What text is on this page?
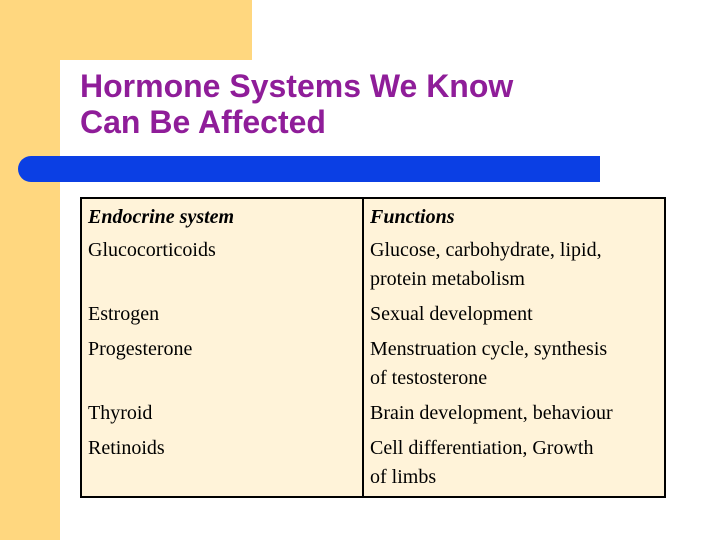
Hormone Systems We Know
Can Be Affected
Endocrine system	Functions
Glucocorticoids	Glucose, carbohydrate, lipid,
protein metabolism

Estrogen	Sexual development

Progesterone	Menstruation cycle, synthesis
of testosterone

Thyroid	Brain development, behaviour

Retinoids	Cell differentiation, Growth
of limbs
